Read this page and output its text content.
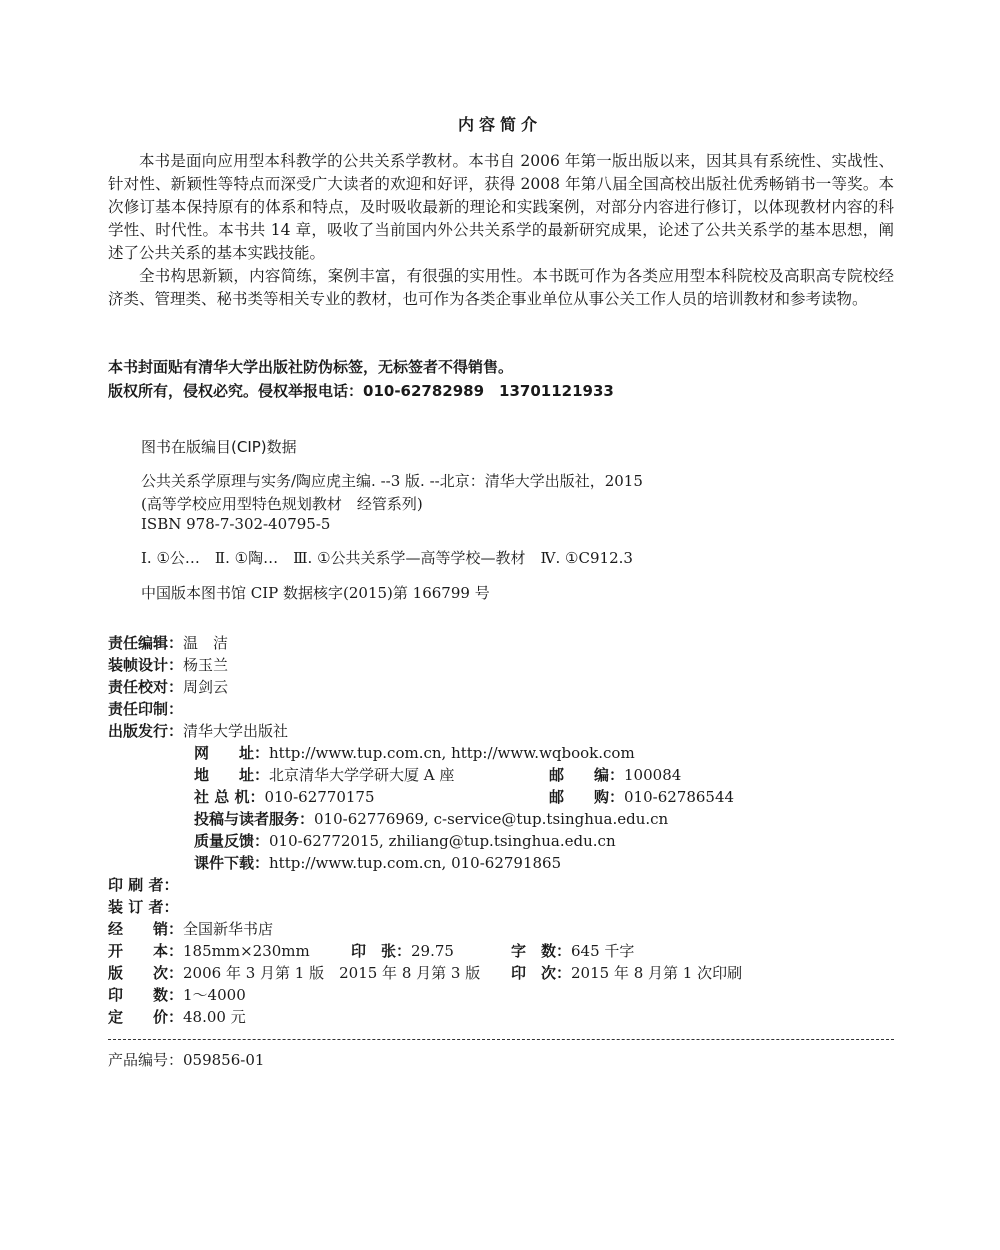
内容简介

本书是面向应用型本科教学的公共关系学教材。本书自 2006 年第一版出版以来，因其具有系统性、实战性、针对性、新颖性等特点而深受广大读者的欢迎和好评，获得 2008 年第八届全国高校出版社优秀畅销书一等奖。本次修订基本保持原有的体系和特点，及时吸收最新的理论和实践案例，对部分内容进行修订，以体现教材内容的科学性、时代性。本书共 14 章，吸收了当前国内外公共关系学的最新研究成果，论述了公共关系学的基本思想，阐述了公共关系的基本实践技能。

全书构思新颖，内容简练，案例丰富，有很强的实用性。本书既可作为各类应用型本科院校及高职高专院校经济类、管理类、秘书类等相关专业的教材，也可作为各类企事业单位从事公关工作人员的培训教材和参考读物。

本书封面贴有清华大学出版社防伪标签，无标签者不得销售。
版权所有，侵权必究。侵权举报电话：010-62782989　13701121933
图书在版编目(CIP)数据
公共关系学原理与实务/陶应虎主编. --3 版. --北京：清华大学出版社，2015
(高等学校应用型特色规划教材　经管系列)
ISBN 978-7-302-40795-5
Ⅰ. ①公…　Ⅱ. ①陶…　Ⅲ. ①公共关系学—高等学校—教材　Ⅳ. ①C912.3
中国版本图书馆 CIP 数据核字(2015)第 166799 号
责任编辑：温　洁
装帧设计：杨玉兰
责任校对：周剑云
责任印制：
出版发行：清华大学出版社
网　　址：http://www.tup.com.cn, http://www.wqbook.com
地　　址：北京清华大学学研大厦 A 座	邮　　编：100084
社 总 机：010-62770175	邮　　购：010-62786544
投稿与读者服务：010-62776969, c-service@tup.tsinghua.edu.cn
质量反馈：010-62772015, zhiliang@tup.tsinghua.edu.cn
课件下载：http://www.tup.com.cn, 010-62791865
印 刷 者：
装 订 者：
经　　销：全国新华书店
开　　本：185mm×230mm	印　张：29.75	字　数：645 千字
版　　次：2006 年 3 月第 1 版　2015 年 8 月第 3 版 印　次：2015 年 8 月第 1 次印刷
印　　数：1～4000
定　　价：48.00 元
产品编号：059856-01
